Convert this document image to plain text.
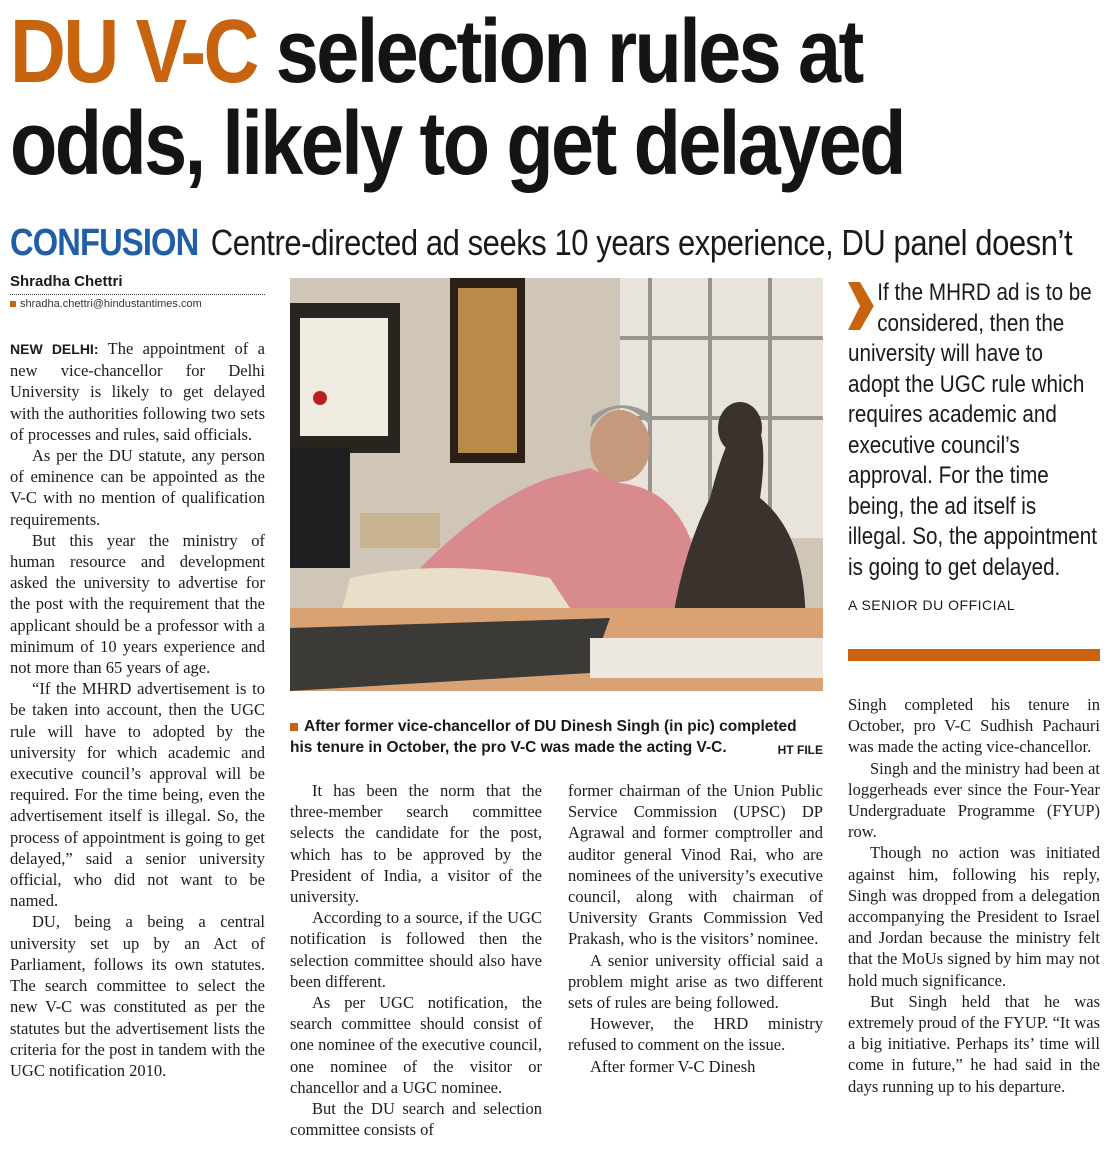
DU V-C selection rules at
odds, likely to get delayed
CONFUSION Centre-directed ad seeks 10 years experience, DU panel doesn’t
Shradha Chettri
shradha.chettri@hindustantimes.com

NEW DELHI: The appointment of a new vice-chancellor for Delhi University is likely to get delayed with the authorities following two sets of processes and rules, said officials.

As per the DU statute, any person of eminence can be appointed as the V-C with no mention of qualification requirements.

But this year the ministry of human resource and development asked the university to advertise for the post with the requirement that the applicant should be a professor with a minimum of 10 years experience and not more than 65 years of age.

“If the MHRD advertisement is to be taken into account, then the UGC rule will have to adopted by the university for which academic and executive council’s approval will be required. For the time being, even the advertisement itself is illegal. So, the process of appointment is going to get delayed,” said a senior university official, who did not want to be named.

DU, being a being a central university set up by an Act of Parliament, follows its own statutes. The search committee to select the new V-C was constituted as per the statutes but the advertisement lists the criteria for the post in tandem with the UGC notification 2010.

After former vice-chancellor of DU Dinesh Singh (in pic) completed his tenure in October, the pro V-C was made the acting V-C.	HT FILE

It has been the norm that the three-member search committee selects the candidate for the post, which has to be approved by the President of India, a visitor of the university.

According to a source, if the UGC notification is followed then the selection committee should also have been different.

As per UGC notification, the search committee should consist of one nominee of the executive council, one nominee of the visitor or chancellor and a UGC nominee.

But the DU search and selection committee consists of

former chairman of the Union Public Service Commission (UPSC) DP Agrawal and former comptroller and auditor general Vinod Rai, who are nominees of the university’s executive council, along with chairman of University Grants Commission Ved Prakash, who is the visitors’ nominee.

A senior university official said a problem might arise as two different sets of rules are being followed.

However, the HRD ministry refused to comment on the issue.

After former V-C Dinesh

If the MHRD ad is to be considered, then the university will have to adopt the UGC rule which requires academic and executive council’s approval. For the time being, the ad itself is illegal. So, the appointment is going to get delayed.
A SENIOR DU OFFICIAL

Singh completed his tenure in October, pro V-C Sudhish Pachauri was made the acting vice-chancellor.

Singh and the ministry had been at loggerheads ever since the Four-Year Undergraduate Programme (FYUP) row.

Though no action was initiated against him, following his reply, Singh was dropped from a delegation accompanying the President to Israel and Jordan because the ministry felt that the MoUs signed by him may not hold much significance.

But Singh held that he was extremely proud of the FYUP. “It was a big initiative. Perhaps its’ time will come in future,” he had said in the days running up to his departure.
